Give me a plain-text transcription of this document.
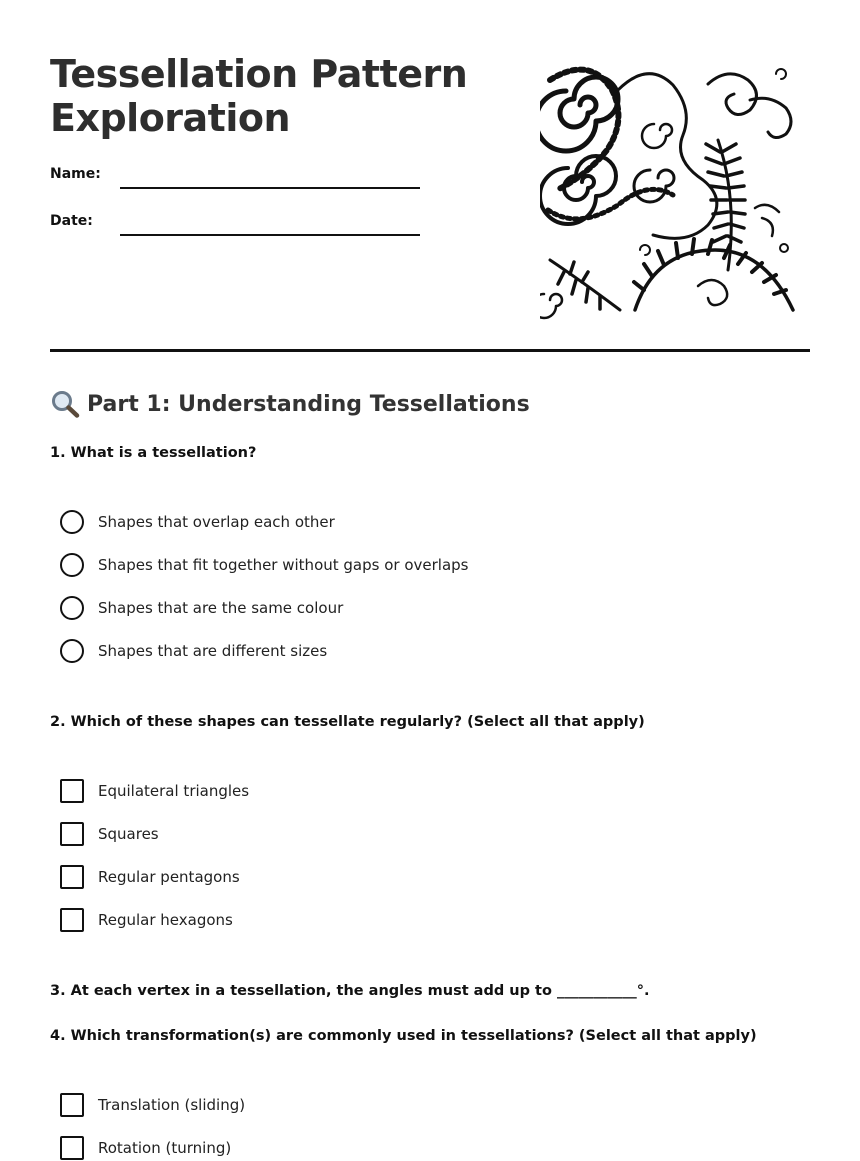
Tessellation Pattern
Exploration
Name:
Date:
Part 1: Understanding Tessellations
1. What is a tessellation?
Shapes that overlap each other
Shapes that fit together without gaps or overlaps
Shapes that are the same colour
Shapes that are different sizes
2. Which of these shapes can tessellate regularly? (Select all that apply)
Equilateral triangles
Squares
Regular pentagons
Regular hexagons
3. At each vertex in a tessellation, the angles must add up to ___________°.
4. Which transformation(s) are commonly used in tessellations? (Select all that apply)
Translation (sliding)
Rotation (turning)
